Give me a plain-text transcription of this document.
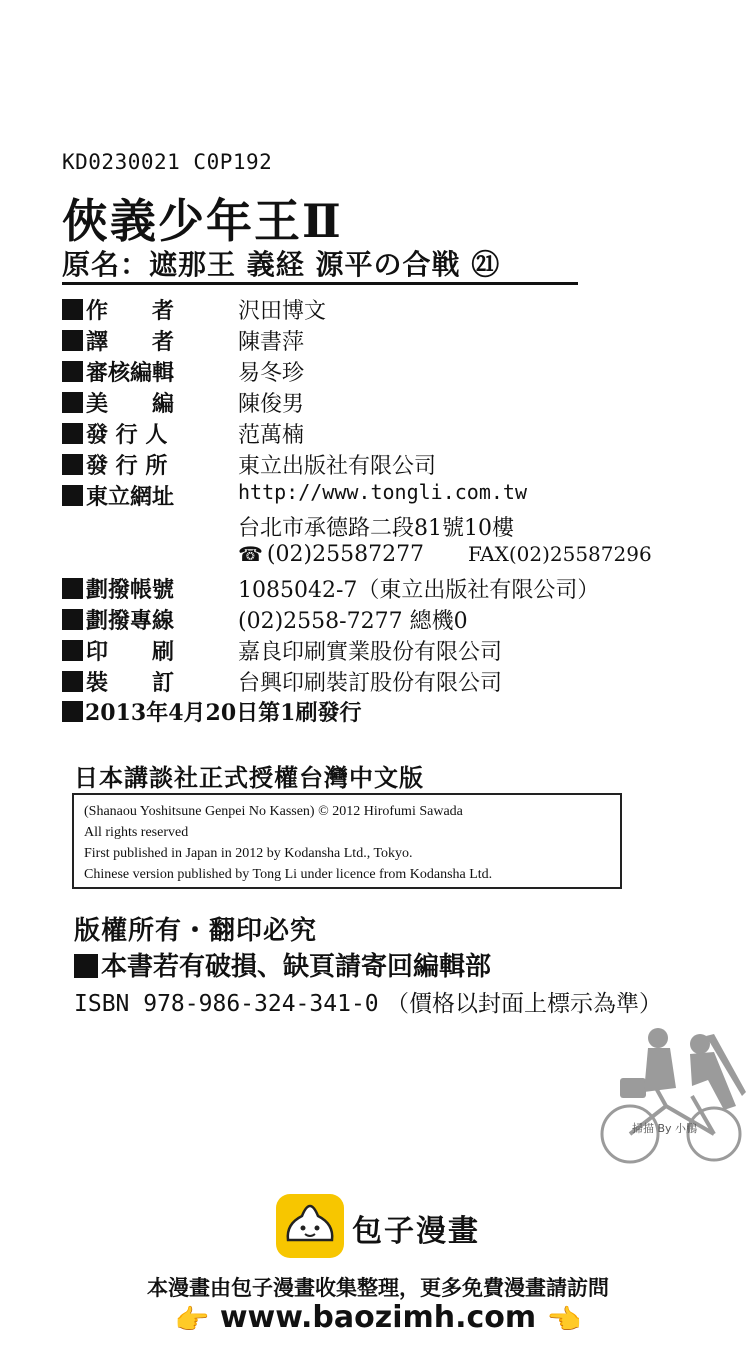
KD0230021 C0P192
俠義少年王Ⅱ
原名：遮那王 義経 源平の合戦 ㉑
作　　者	沢田博文
譯　　者	陳書萍
審核編輯	易冬珍
美　　編	陳俊男
發 行 人	范萬楠
發 行 所	東立出版社有限公司
東立網址	http://www.tongli.com.tw
台北市承德路二段81號10樓
☎ (02)25587277 FAX(02)25587296
劃撥帳號	1085042-7（東立出版社有限公司）
劃撥專線	(02)2558-7277 總機0
印　　刷	嘉良印刷實業股份有限公司
裝　　訂	台興印刷裝訂股份有限公司
2013年4月20日第1刷發行
日本講談社正式授權台灣中文版
(Shanaou Yoshitsune Genpei No Kassen) © 2012 Hirofumi Sawada
All rights reserved
First published in Japan in 2012 by Kodansha Ltd., Tokyo.
Chinese version published by Tong Li under licence from Kodansha Ltd.
版權所有・翻印必究
本書若有破損、缺頁請寄回編輯部
ISBN 978-986-324-341-0 （價格以封面上標示為準）
掃描 By 小鵬
包子漫畫
本漫畫由包子漫畫收集整理，更多免費漫畫請訪問
👉 www.baozimh.com 👈
